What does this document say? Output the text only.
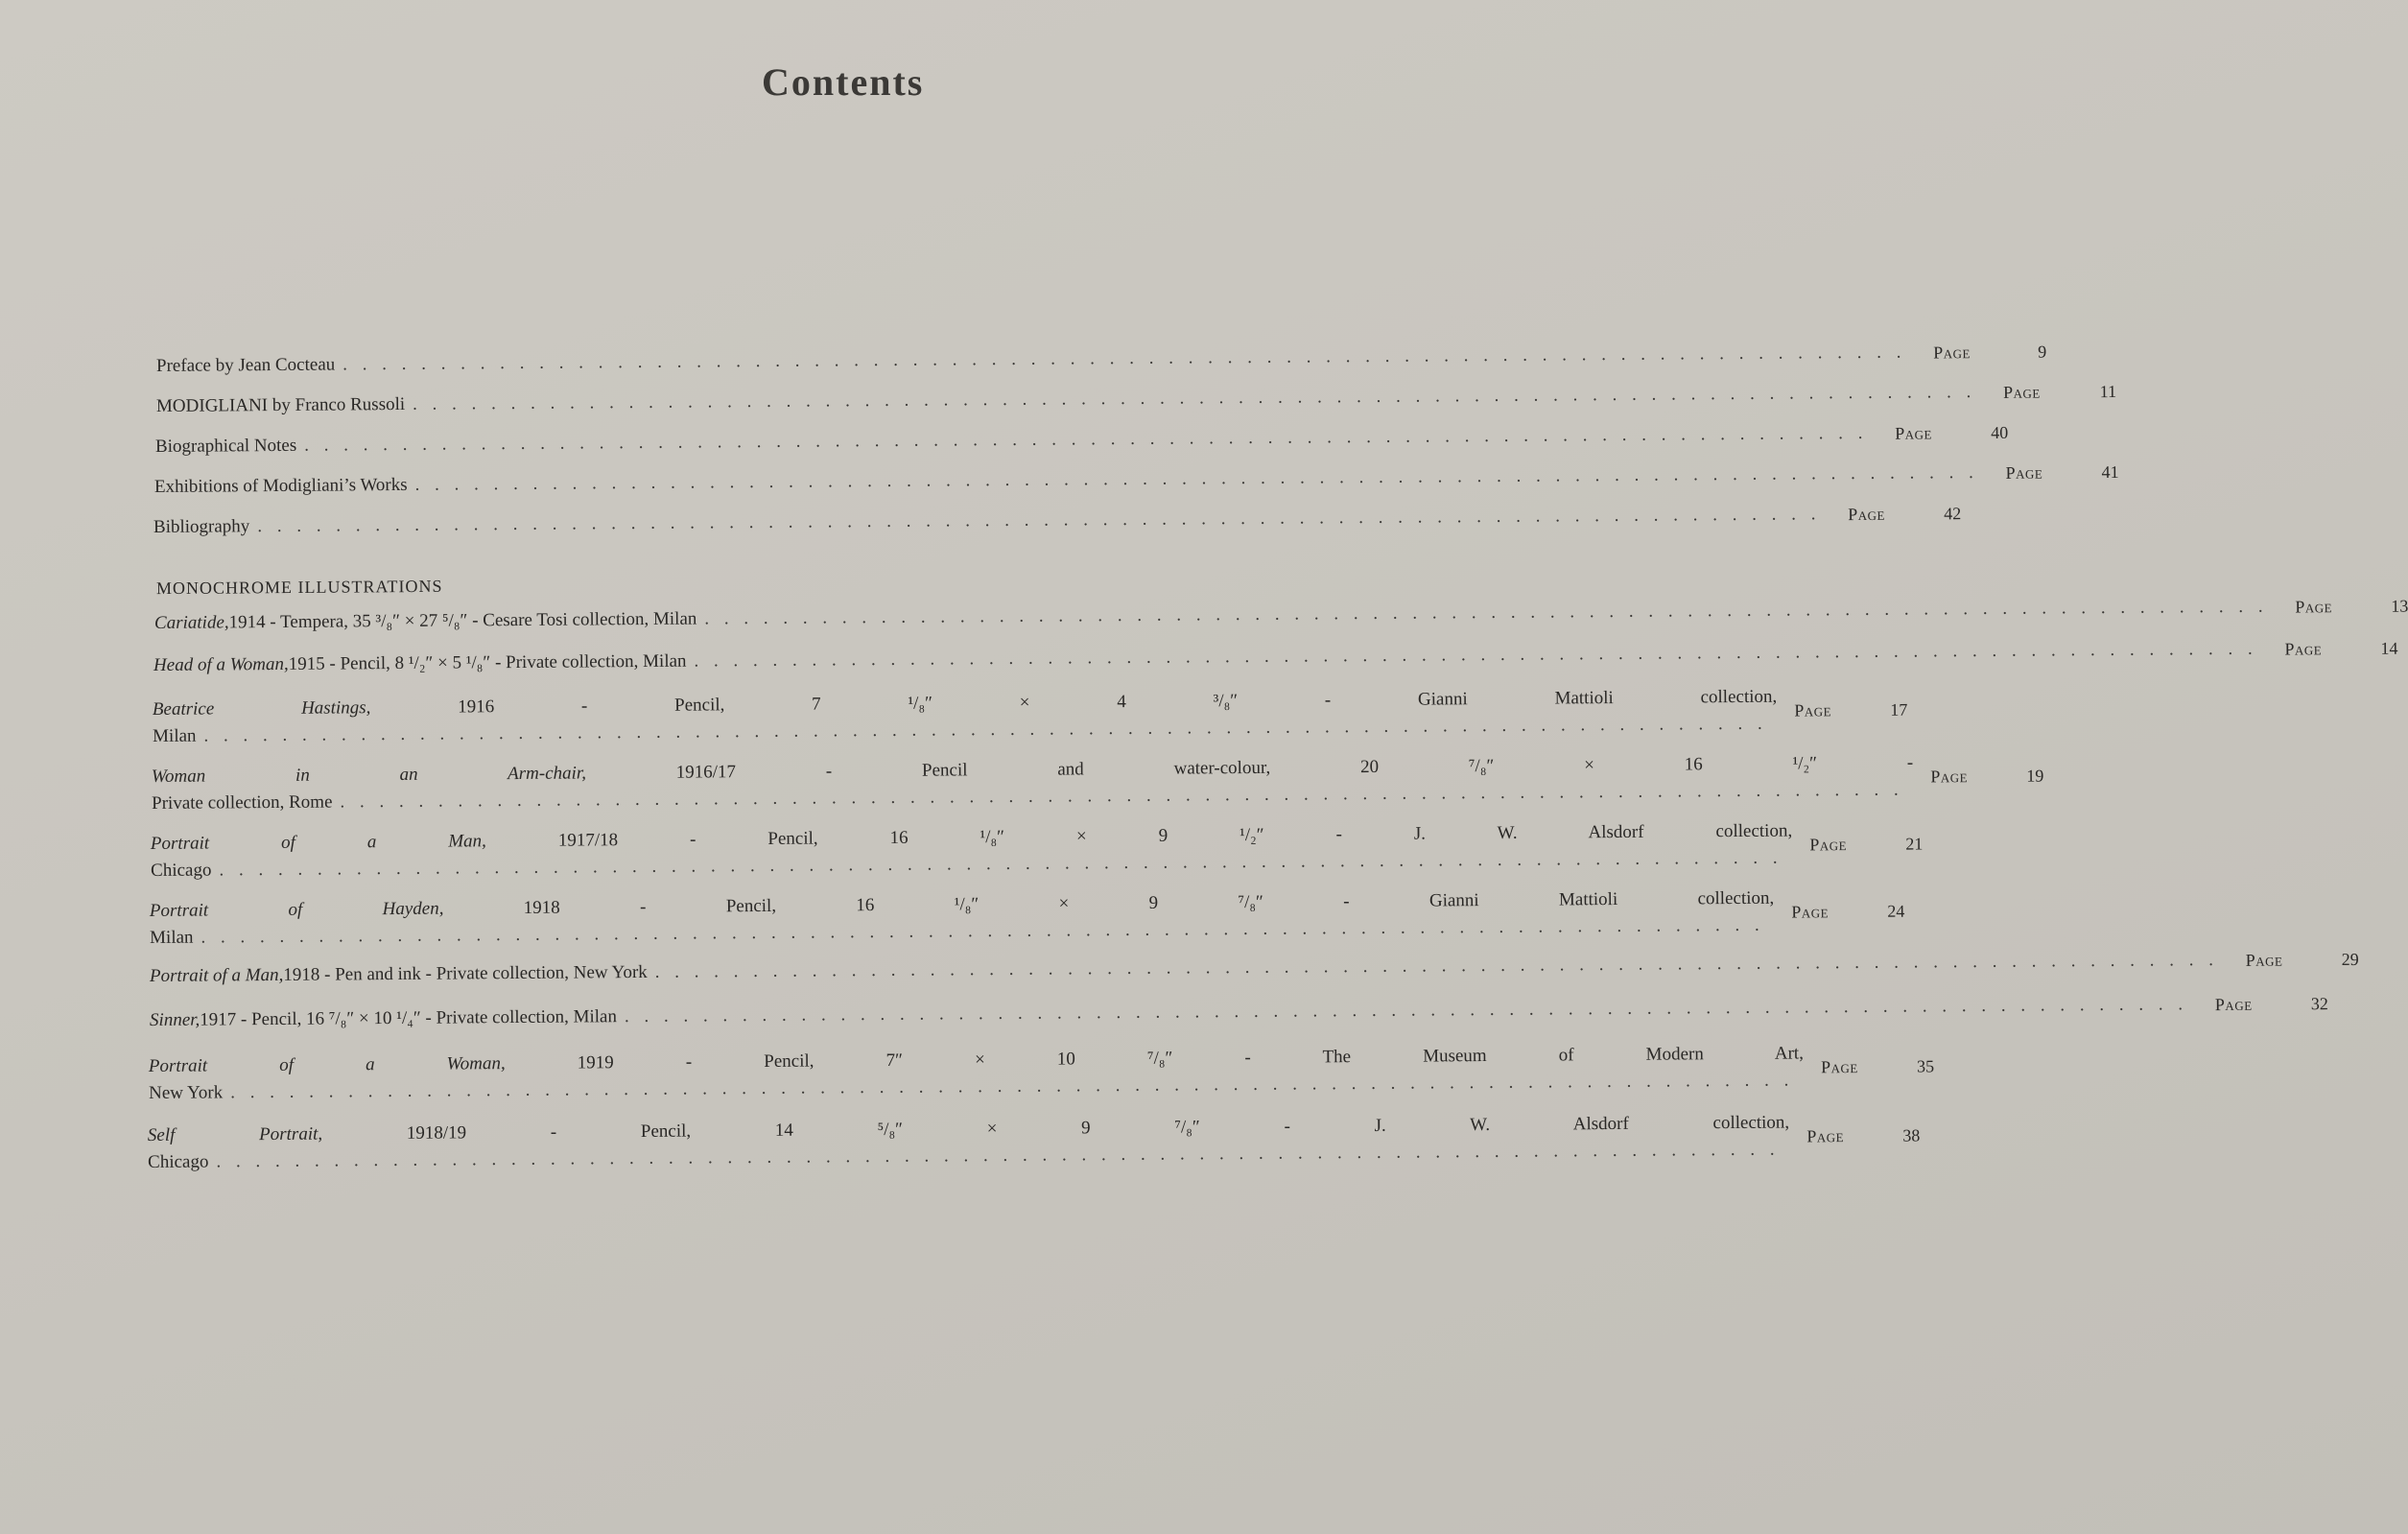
Contents
Preface by Jean Cocteau
. . .
Page	9
MODIGLIANI by Franco Russoli
. . .
Page	11
Biographical Notes
. . .
Page	40
Exhibitions of Modigliani’s Works
. . .
Page	41
Bibliography
. . .
Page	42
Cariatide, 1914 - Tempera, 35 ³/₈″ × 27 ⁵/₈″ - Cesare Tosi collection, Milan
. . .
Page	13
Head of a Woman, 1915 - Pencil, 8 ¹/₂″ × 5 ¹/₈″ - Private collection, Milan
. . .
Page	14
Beatrice Hastings, 1916 - Pencil, 7 ¹/₈″ × 4 ³/₈″ - Gianni Mattioli collection,
Milan
. . .
Page	17
Woman in an Arm-chair, 1916/17 - Pencil and water-colour, 20 ⁷/₈″ × 16 ¹/₂″ -
Private collection, Rome
. . .
Page	19
Portrait of a Man, 1917/18 - Pencil, 16 ¹/₈″ × 9 ¹/₂″ - J. W. Alsdorf collection,
Chicago
. . .
Page	21
Portrait of Hayden, 1918 - Pencil, 16 ¹/₈″ × 9 ⁷/₈″ - Gianni Mattioli collection,
Milan
. . .
Page	24
Portrait of a Man, 1918 - Pen and ink - Private collection, New York
. . .
Page	29
Sinner, 1917 - Pencil, 16 ⁷/₈″ × 10 ¹/₄″ - Private collection, Milan
. . .
Page	32
Portrait of a Woman, 1919 - Pencil, 7″ × 10 ⁷/₈″ - The Museum of Modern Art,
New York
. . .
Page	35
Self Portrait, 1918/19 - Pencil, 14 ⁵/₈″ × 9 ⁷/₈″ - J. W. Alsdorf collection,
Chicago
. . .
Page	38
MONOCHROME ILLUSTRATIONS
